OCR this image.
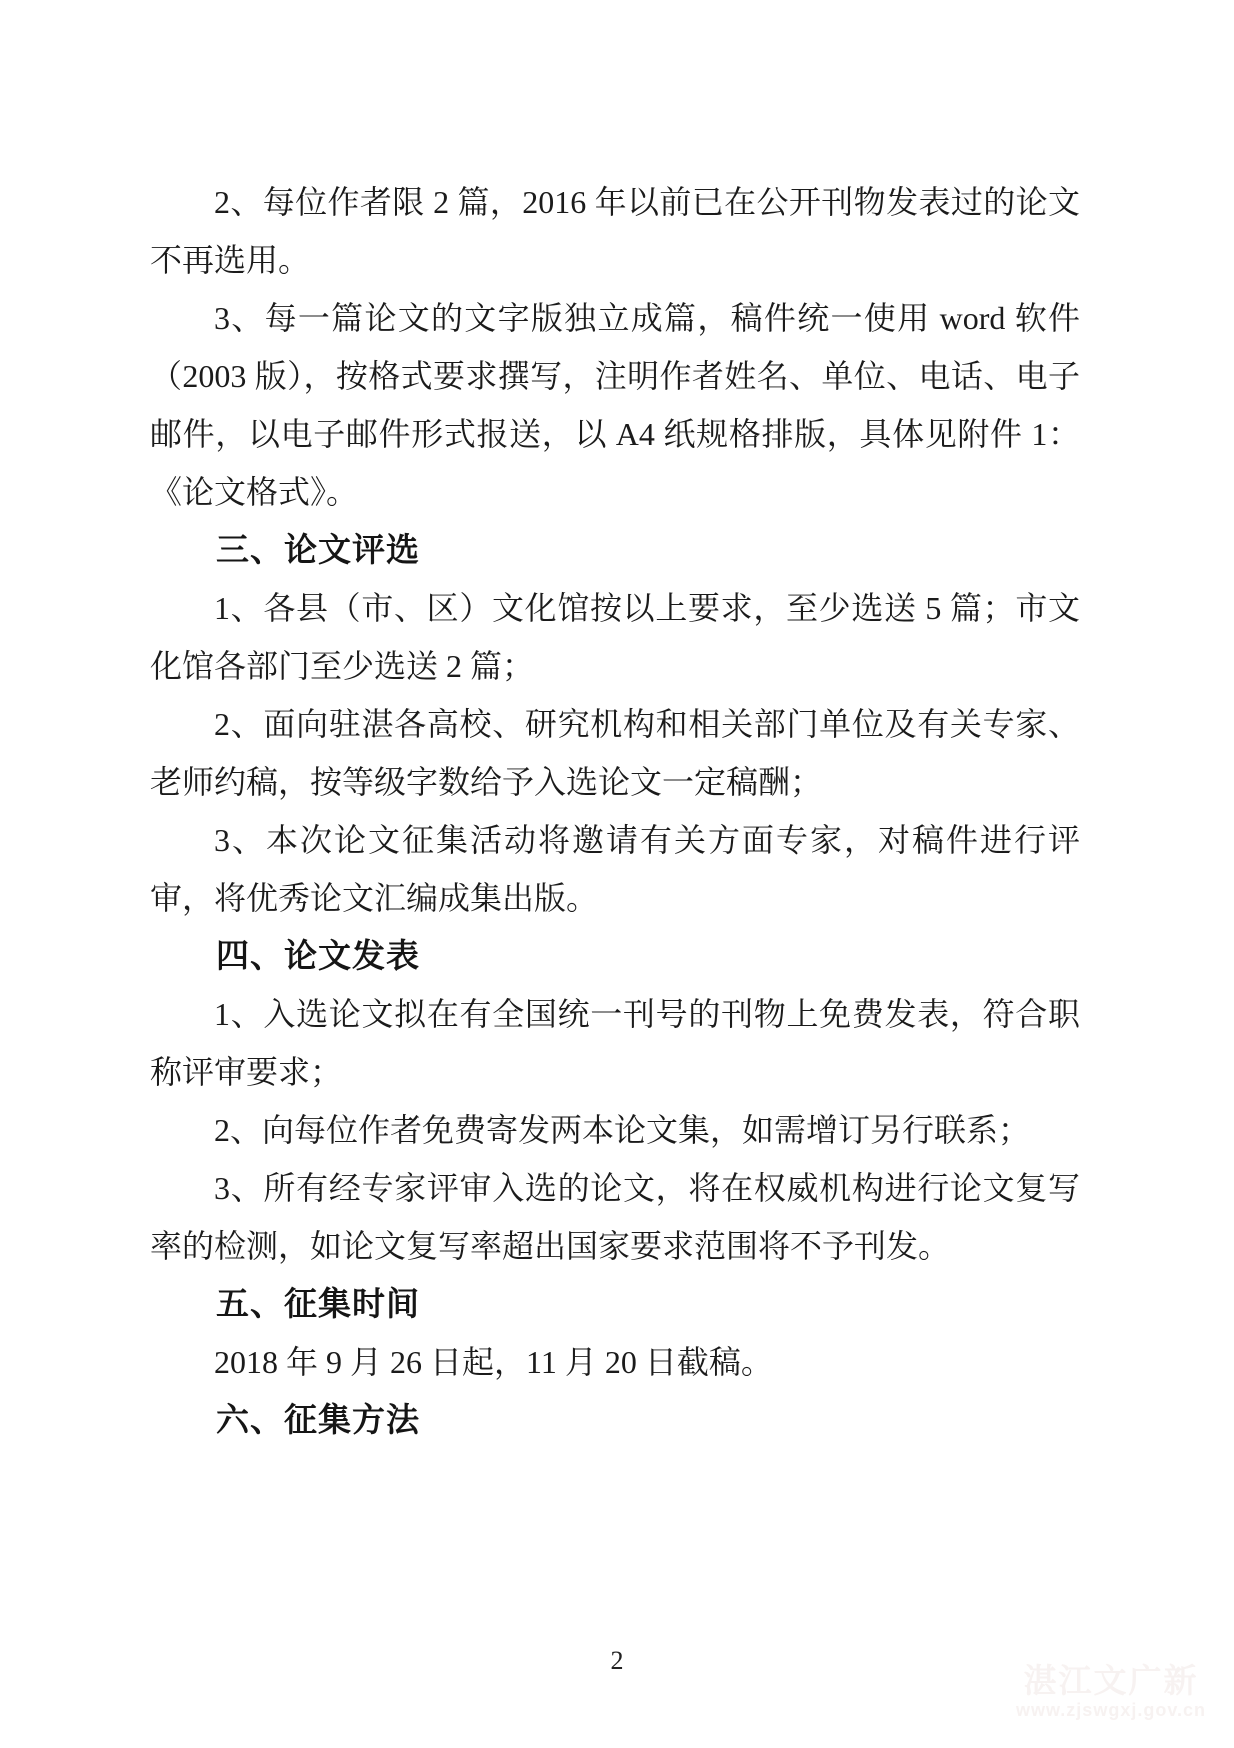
2、每位作者限 2 篇，2016 年以前已在公开刊物发表过的论文不再选用。
3、每一篇论文的文字版独立成篇，稿件统一使用 word 软件（2003 版），按格式要求撰写，注明作者姓名、单位、电话、电子邮件，以电子邮件形式报送，以 A4 纸规格排版，具体见附件 1：《论文格式》。
三、论文评选
1、各县（市、区）文化馆按以上要求，至少选送 5 篇；市文化馆各部门至少选送 2 篇；
2、面向驻湛各高校、研究机构和相关部门单位及有关专家、老师约稿，按等级字数给予入选论文一定稿酬；
3、本次论文征集活动将邀请有关方面专家，对稿件进行评审，将优秀论文汇编成集出版。
四、论文发表
1、入选论文拟在有全国统一刊号的刊物上免费发表，符合职称评审要求；
2、向每位作者免费寄发两本论文集，如需增订另行联系；
3、所有经专家评审入选的论文，将在权威机构进行论文复写率的检测，如论文复写率超出国家要求范围将不予刊发。
五、征集时间
2018 年 9 月 26 日起，11 月 20 日截稿。
六、征集方法
2
湛江文广新
www.zjswgxj.gov.cn
